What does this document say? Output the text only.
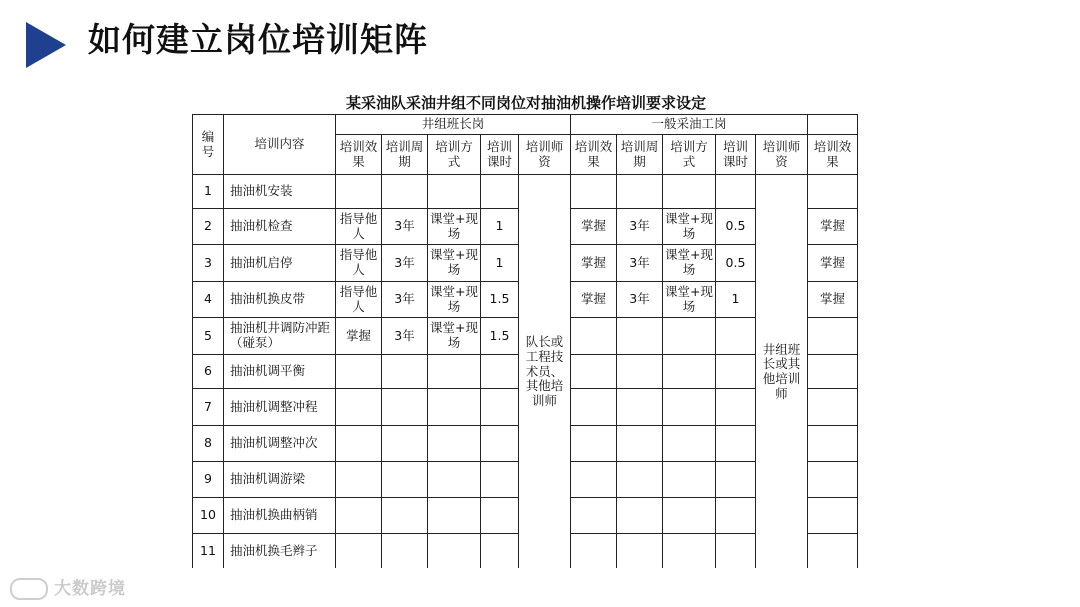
如何建立岗位培训矩阵
某采油队采油井组不同岗位对抽油机操作培训要求设定
编号	培训内容	井组班长岗					一般采油工岗					
		培训效果	培训周期	培训方式	培训课时	培训师资	培训效果	培训周期	培训方式	培训课时	培训师资	培训效果
1	抽油机安装					队长或工程技术员、其他培训师					井组班长或其他培训师	
2	抽油机检查	指导他人	3年	课堂+现场	1		掌握	3年	课堂+现场	0.5		掌握
3	抽油机启停	指导他人	3年	课堂+现场	1		掌握	3年	课堂+现场	0.5		掌握
4	抽油机换皮带	指导他人	3年	课堂+现场	1.5		掌握	3年	课堂+现场	1		掌握
5	抽油机井调防冲距（碰泵）	掌握	3年	课堂+现场	1.5							
6	抽油机调平衡											
7	抽油机调整冲程											
8	抽油机调整冲次											
9	抽油机调游梁											
10	抽油机换曲柄销											
11	抽油机换毛辫子											
大数跨境
